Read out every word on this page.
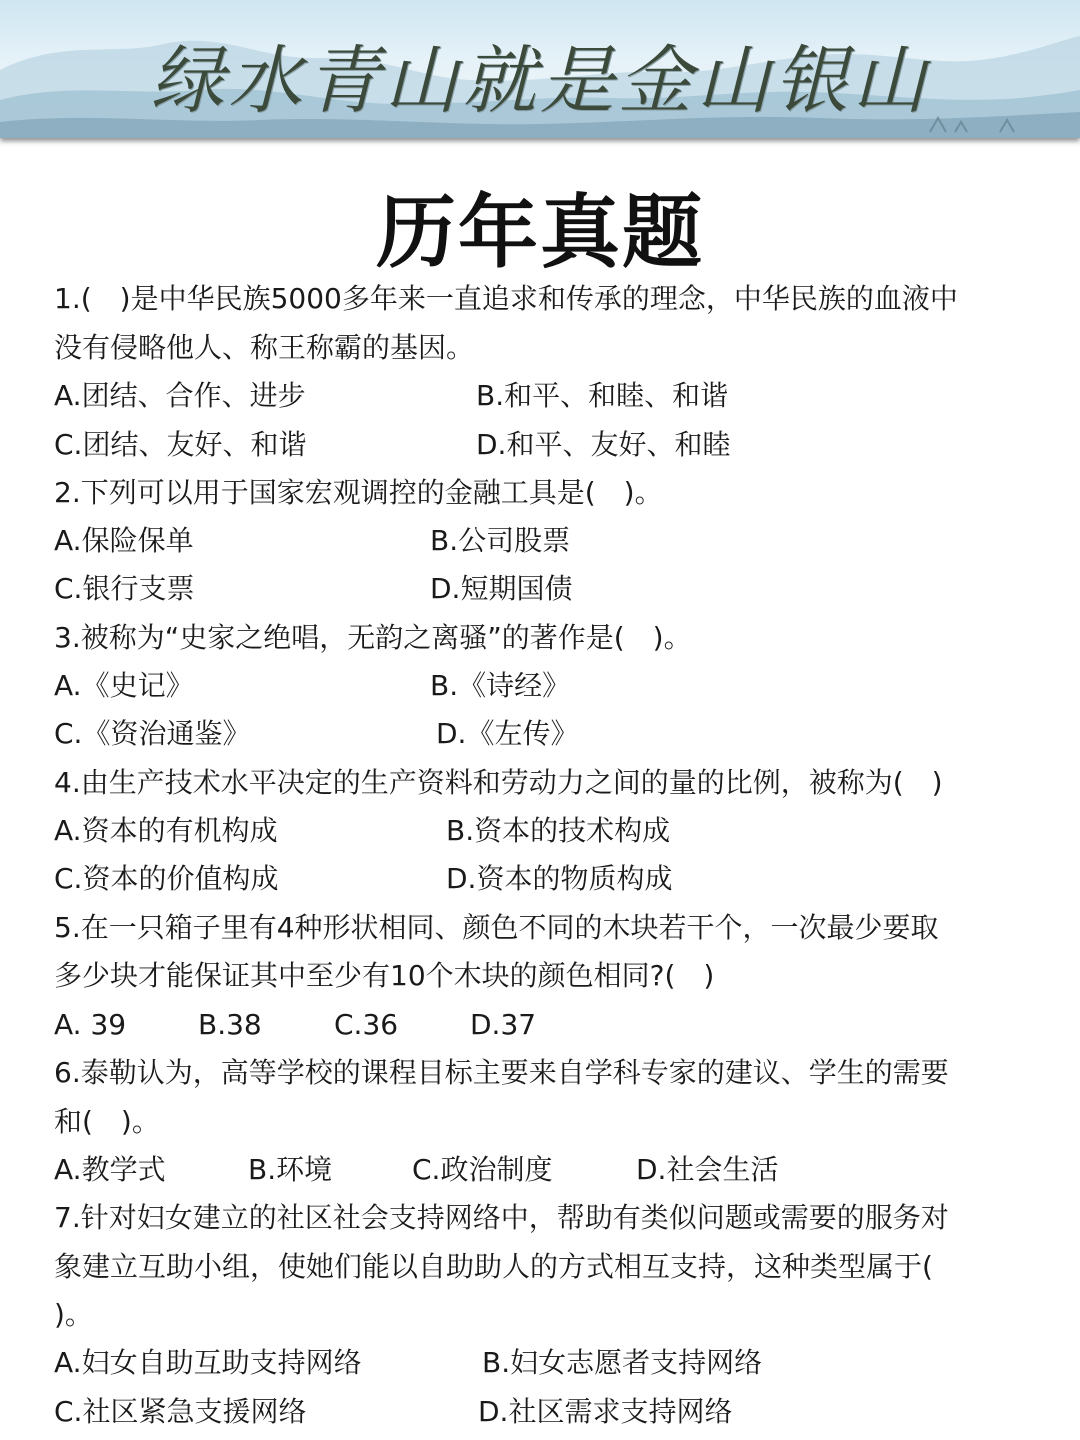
绿水青山就是金山银山
历年真题
1.(　)是中华民族5000多年来一直追求和传承的理念，中华民族的血液中
没有侵略他人、称王称霸的基因。
A.团结、合作、进步	B.和平、和睦、和谐
C.团结、友好、和谐	D.和平、友好、和睦
2.下列可以用于国家宏观调控的金融工具是(　)。
A.保险保单	B.公司股票
C.银行支票	D.短期国债
3.被称为“史家之绝唱，无韵之离骚”的著作是(　)。
A.《史记》	B.《诗经》
C.《资治通鉴》	D.《左传》
4.由生产技术水平决定的生产资料和劳动力之间的量的比例，被称为(　)
A.资本的有机构成	B.资本的技术构成
C.资本的价值构成	D.资本的物质构成
5.在一只箱子里有4种形状相同、颜色不同的木块若干个，一次最少要取
多少块才能保证其中至少有10个木块的颜色相同?(　)
A. 39	B.38	C.36	D.37
6.泰勒认为，高等学校的课程目标主要来自学科专家的建议、学生的需要
和(　)。
A.教学式	B.环境	C.政治制度	D.社会生活
7.针对妇女建立的社区社会支持网络中，帮助有类似问题或需要的服务对
象建立互助小组，使她们能以自助助人的方式相互支持，这种类型属于(
)。
A.妇女自助互助支持网络	B.妇女志愿者支持网络
C.社区紧急支援网络	D.社区需求支持网络
